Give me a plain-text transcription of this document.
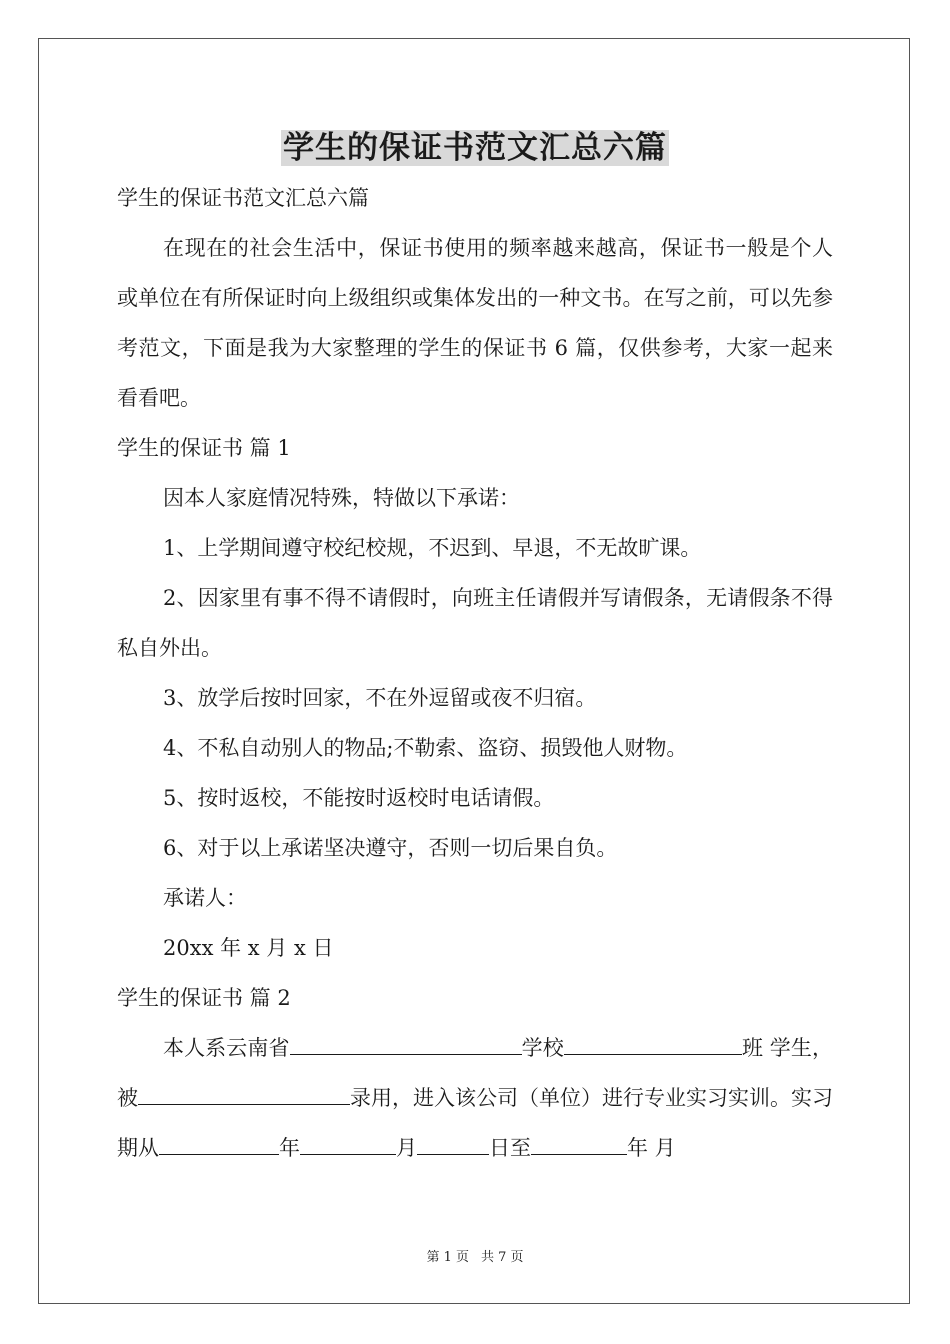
学生的保证书范文汇总六篇

学生的保证书范文汇总六篇

在现在的社会生活中，保证书使用的频率越来越高，保证书一般是个人或单位在有所保证时向上级组织或集体发出的一种文书。在写之前，可以先参考范文，下面是我为大家整理的学生的保证书 6 篇，仅供参考，大家一起来看看吧。

学生的保证书 篇 1

因本人家庭情况特殊，特做以下承诺：

1、上学期间遵守校纪校规，不迟到、早退，不无故旷课。

2、因家里有事不得不请假时，向班主任请假并写请假条，无请假条不得私自外出。

3、放学后按时回家，不在外逗留或夜不归宿。

4、不私自动别人的物品;不勒索、盗窃、损毁他人财物。

5、按时返校，不能按时返校时电话请假。

6、对于以上承诺坚决遵守，否则一切后果自负。

承诺人：

20xx 年 x 月 x 日

学生的保证书 篇 2

本人系云南省	学校	班 学生，被	录用，进入该公司（单位）进行专业实习实训。实习期从	年	月	日至	年 月

第 1 页 共 7 页
